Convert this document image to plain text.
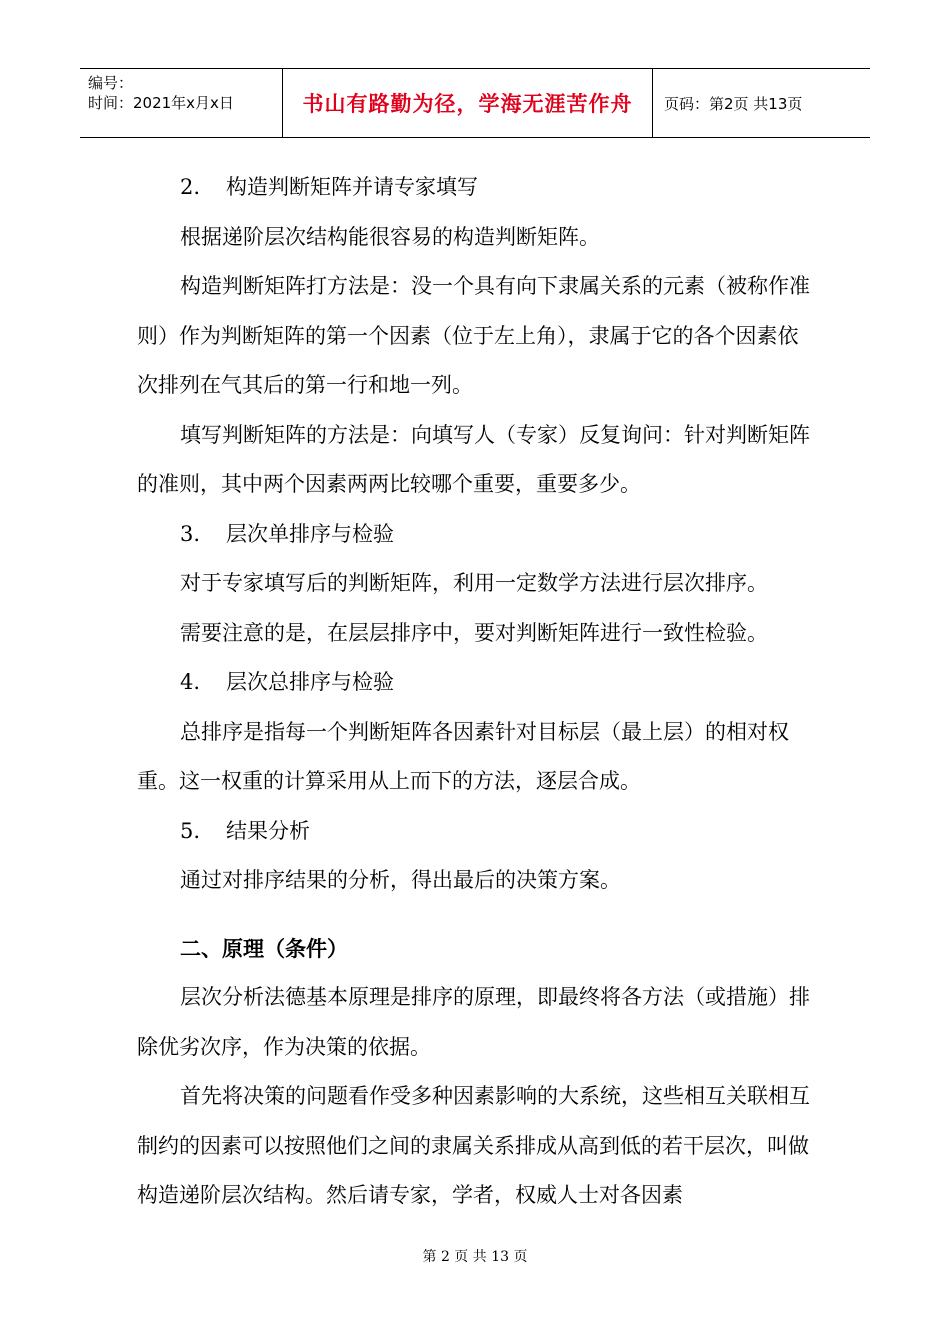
编号：
时间：2021年x月x日	书山有路勤为径，学海无涯苦作舟	页码：第2页 共13页

2. 构造判断矩阵并请专家填写

根据递阶层次结构能很容易的构造判断矩阵。

构造判断矩阵打方法是：没一个具有向下隶属关系的元素（被称作准则）作为判断矩阵的第一个因素（位于左上角），隶属于它的各个因素依次排列在气其后的第一行和地一列。

填写判断矩阵的方法是：向填写人（专家）反复询问：针对判断矩阵的准则，其中两个因素两两比较哪个重要，重要多少。

3. 层次单排序与检验

对于专家填写后的判断矩阵，利用一定数学方法进行层次排序。

需要注意的是，在层层排序中，要对判断矩阵进行一致性检验。

4. 层次总排序与检验

总排序是指每一个判断矩阵各因素针对目标层（最上层）的相对权重。这一权重的计算采用从上而下的方法，逐层合成。

5. 结果分析

通过对排序结果的分析，得出最后的决策方案。

二、原理（条件）

层次分析法德基本原理是排序的原理，即最终将各方法（或措施）排除优劣次序，作为决策的依据。

首先将决策的问题看作受多种因素影响的大系统，这些相互关联相互制约的因素可以按照他们之间的隶属关系排成从高到低的若干层次，叫做构造递阶层次结构。然后请专家，学者，权威人士对各因素

第 2 页 共 13 页
